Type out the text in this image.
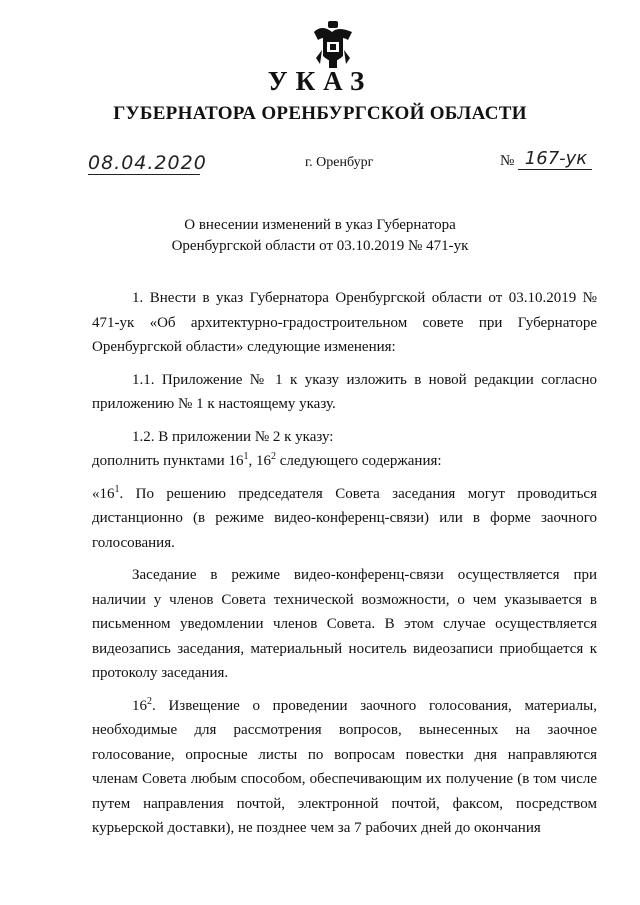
УКАЗ
ГУБЕРНАТОРА ОРЕНБУРГСКОЙ ОБЛАСТИ
08.04.2020	г. Оренбург	№ 167-ук
О внесении изменений в указ Губернатора
Оренбургской области от 03.10.2019 № 471-ук

1. Внести в указ Губернатора Оренбургской области от 03.10.2019 № 471-ук «Об архитектурно-градостроительном совете при Губернаторе Оренбургской области» следующие изменения:

1.1. Приложение № 1 к указу изложить в новой редакции согласно приложению № 1 к настоящему указу.

1.2. В приложении № 2 к указу:

дополнить пунктами $16^1$, $16^2$ следующего содержания:

«$16^1$. По решению председателя Совета заседания могут проводиться дистанционно (в режиме видео-конференц-связи) или в форме заочного голосования.

Заседание в режиме видео-конференц-связи осуществляется при наличии у членов Совета технической возможности, о чем указывается в письменном уведомлении членов Совета. В этом случае осуществляется видеозапись заседания, материальный носитель видеозаписи приобщается к протоколу заседания.

$16^2$. Извещение о проведении заочного голосования, материалы, необходимые для рассмотрения вопросов, вынесенных на заочное голосование, опросные листы по вопросам повестки дня направляются членам Совета любым способом, обеспечивающим их получение (в том числе путем направления почтой, электронной почтой, факсом, посредством курьерской доставки), не позднее чем за 7 рабочих дней до окончания
